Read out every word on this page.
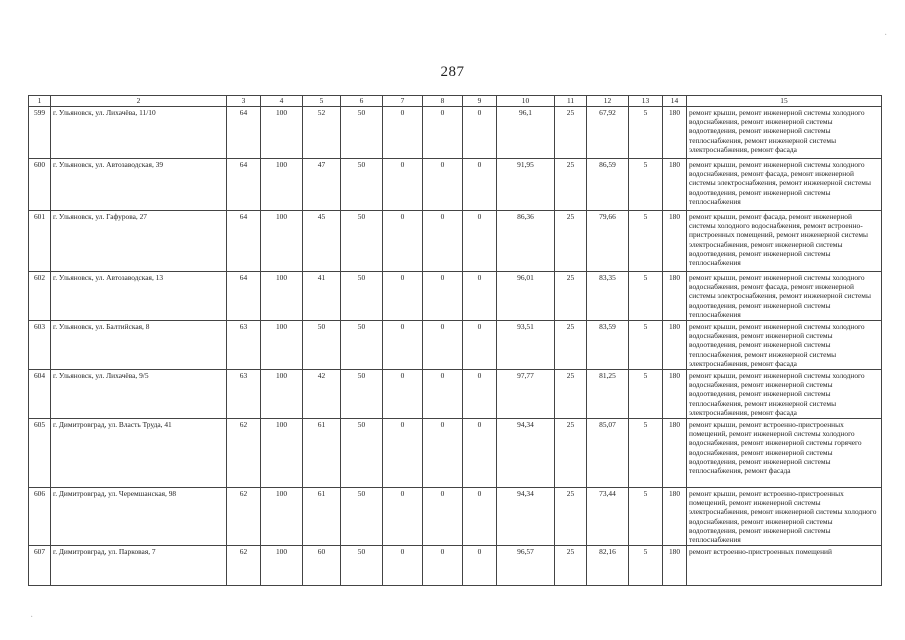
287
1	2	3	4	5	6	7	8	9	10	11	12	13	14	15
599	г. Ульяновск, ул. Лихачёва, 11/10	64	100	52	50	0	0	0	96,1	25	67,92	5	180	ремонт крыши, ремонт инженерной системы холодного водоснабжения, ремонт инженерной системы водоотведения, ремонт инженерной системы теплоснабжения, ремонт инженерной системы электроснабжения, ремонт фасада
600	г. Ульяновск, ул. Автозаводская, 39	64	100	47	50	0	0	0	91,95	25	86,59	5	180	ремонт крыши, ремонт инженерной системы холодного водоснабжения, ремонт фасада, ремонт инженерной системы электроснабжения, ремонт инженерной системы водоотведения, ремонт инженерной системы теплоснабжения
601	г. Ульяновск, ул. Гафурова, 27	64	100	45	50	0	0	0	86,36	25	79,66	5	180	ремонт крыши, ремонт фасада, ремонт инженерной системы холодного водоснабжения, ремонт встроенно-пристроенных помещений, ремонт инженерной системы электроснабжения, ремонт инженерной системы водоотведения, ремонт инженерной системы теплоснабжения
602	г. Ульяновск, ул. Автозаводская, 13	64	100	41	50	0	0	0	96,01	25	83,35	5	180	ремонт крыши, ремонт инженерной системы холодного водоснабжения, ремонт фасада, ремонт инженерной системы электроснабжения, ремонт инженерной системы водоотведения, ремонт инженерной системы теплоснабжения
603	г. Ульяновск, ул. Балтийская, 8	63	100	50	50	0	0	0	93,51	25	83,59	5	180	ремонт крыши, ремонт инженерной системы холодного водоснабжения, ремонт инженерной системы водоотведения, ремонт инженерной системы теплоснабжения, ремонт инженерной системы электроснабжения, ремонт фасада
604	г. Ульяновск, ул. Лихачёва, 9/5	63	100	42	50	0	0	0	97,77	25	81,25	5	180	ремонт крыши, ремонт инженерной системы холодного водоснабжения, ремонт инженерной системы водоотведения, ремонт инженерной системы теплоснабжения, ремонт инженерной системы электроснабжения, ремонт фасада
605	г. Димитровград, ул. Власть Труда, 41	62	100	61	50	0	0	0	94,34	25	85,07	5	180	ремонт крыши, ремонт встроенно-пристроенных помещений, ремонт инженерной системы холодного водоснабжения, ремонт инженерной системы горячего водоснабжения, ремонт инженерной системы водоотведения, ремонт инженерной системы теплоснабжения, ремонт фасада
606	г. Димитровград, ул. Черемшанская, 98	62	100	61	50	0	0	0	94,34	25	73,44	5	180	ремонт крыши, ремонт встроенно-пристроенных помещений, ремонт инженерной системы электроснабжения, ремонт инженерной системы холодного водоснабжения, ремонт инженерной системы водоотведения, ремонт инженерной системы теплоснабжения
607	г. Димитровград, ул. Парковая, 7	62	100	60	50	0	0	0	96,57	25	82,16	5	180	ремонт встроенно-пристроенных помещений
·
·
